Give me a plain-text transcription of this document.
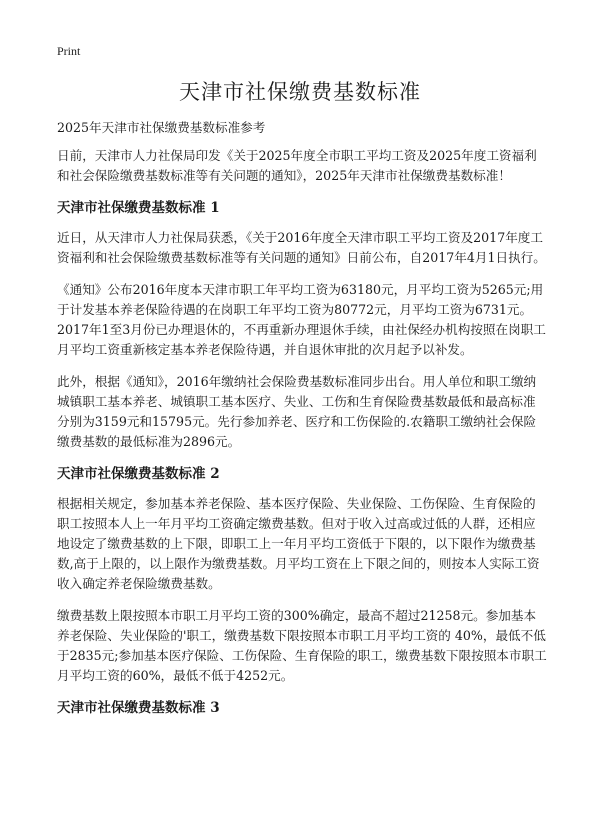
Print
天津市社保缴费基数标准

2025年天津市社保缴费基数标准参考

日前，天津市人力社保局印发《关于2025年度全市职工平均工资及2025年度工资福利和社会保险缴费基数标准等有关问题的通知》，2025年天津市社保缴费基数标准！

天津市社保缴费基数标准 1

近日，从天津市人力社保局获悉，《关于2016年度全天津市职工平均工资及2017年度工资福利和社会保险缴费基数标准等有关问题的通知》日前公布，自2017年4月1日执行。

《通知》公布2016年度本天津市职工年平均工资为63180元，月平均工资为5265元;用于计发基本养老保险待遇的在岗职工年平均工资为80772元，月平均工资为6731元。2017年1至3月份已办理退休的，不再重新办理退休手续，由社保经办机构按照在岗职工月平均工资重新核定基本养老保险待遇，并自退休审批的次月起予以补发。

此外，根据《通知》，2016年缴纳社会保险费基数标准同步出台。用人单位和职工缴纳城镇职工基本养老、城镇职工基本医疗、失业、工伤和生育保险费基数最低和最高标准分别为3159元和15795元。先行参加养老、医疗和工伤保险的.农籍职工缴纳社会保险缴费基数的最低标准为2896元。

天津市社保缴费基数标准 2

根据相关规定，参加基本养老保险、基本医疗保险、失业保险、工伤保险、生育保险的职工按照本人上一年月平均工资确定缴费基数。但对于收入过高或过低的人群，还相应地设定了缴费基数的上下限，即职工上一年月平均工资低于下限的，以下限作为缴费基数,高于上限的，以上限作为缴费基数。月平均工资在上下限之间的，则按本人实际工资收入确定养老保险缴费基数。

缴费基数上限按照本市职工月平均工资的300%确定，最高不超过21258元。参加基本养老保险、失业保险的'职工，缴费基数下限按照本市职工月平均工资的 40%，最低不低于2835元;参加基本医疗保险、工伤保险、生育保险的职工，缴费基数下限按照本市职工月平均工资的60%，最低不低于4252元。

天津市社保缴费基数标准 3
